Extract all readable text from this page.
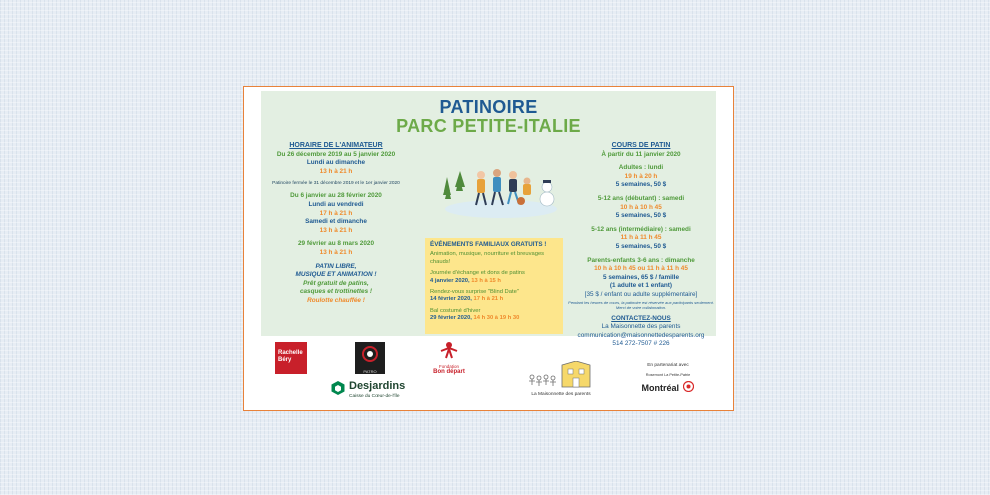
PATINOIRE
PARC PETITE-ITALIE
HORAIRE DE L'ANIMATEUR
Du 26 décembre 2019 au 5 janvier 2020
Lundi au dimanche
13 h à 21 h
Patinoire fermée le 31 décembre 2019 et le 1er janvier 2020
Du 6 janvier au 28 février 2020
Lundi au vendredi
17 h à 21 h
Samedi et dimanche
13 h à 21 h
29 février au 8 mars 2020
13 h à 21 h
PATIN LIBRE,
MUSIQUE ET ANIMATION !
Prêt gratuit de patins,
casques et trottinettes !
Roulotte chauffée !
ÉVÉNEMENTS FAMILIAUX GRATUITS !
Animation, musique, nourriture et breuvages chauds!
Journée d'échange et dons de patins
4 janvier 2020, 13 h à 15 h
Rendez-vous surprise "Blind Date"
14 février 2020, 17 h à 21 h
Bal costumé d'hiver
29 février 2020, 14 h 30 à 19 h 30
COURS DE PATIN
À partir du 11 janvier 2020
Adultes : lundi
19 h à 20 h
5 semaines, 50 $
5-12 ans (débutant) : samedi
10 h à 10 h 45
5 semaines, 50 $
5-12 ans (intermédiaire) : samedi
11 h à 11 h 45
5 semaines, 50 $
Parents-enfants 3-6 ans : dimanche
10 h à 10 h 45 ou 11 h à 11 h 45
5 semaines, 65 $ / famille
(1 adulte et 1 enfant)
[35 $ / enfant ou adulte supplémentaire]
Pendant les heures de cours, la patinoire est réservée aux participants seulement. Merci de votre collaboration.
CONTACTEZ-NOUS
La Maisonnette des parents
communication@maisonnettedesparents.org
514 272-7507 # 226
Rachelle
Béry
PATRO
Fondation
Bon départ
Desjardins
Caisse du Cœur-de-l'Île	La Maisonnette des parents
En partenariat avec
Rosemont La Petite-Patrie
Montréal
